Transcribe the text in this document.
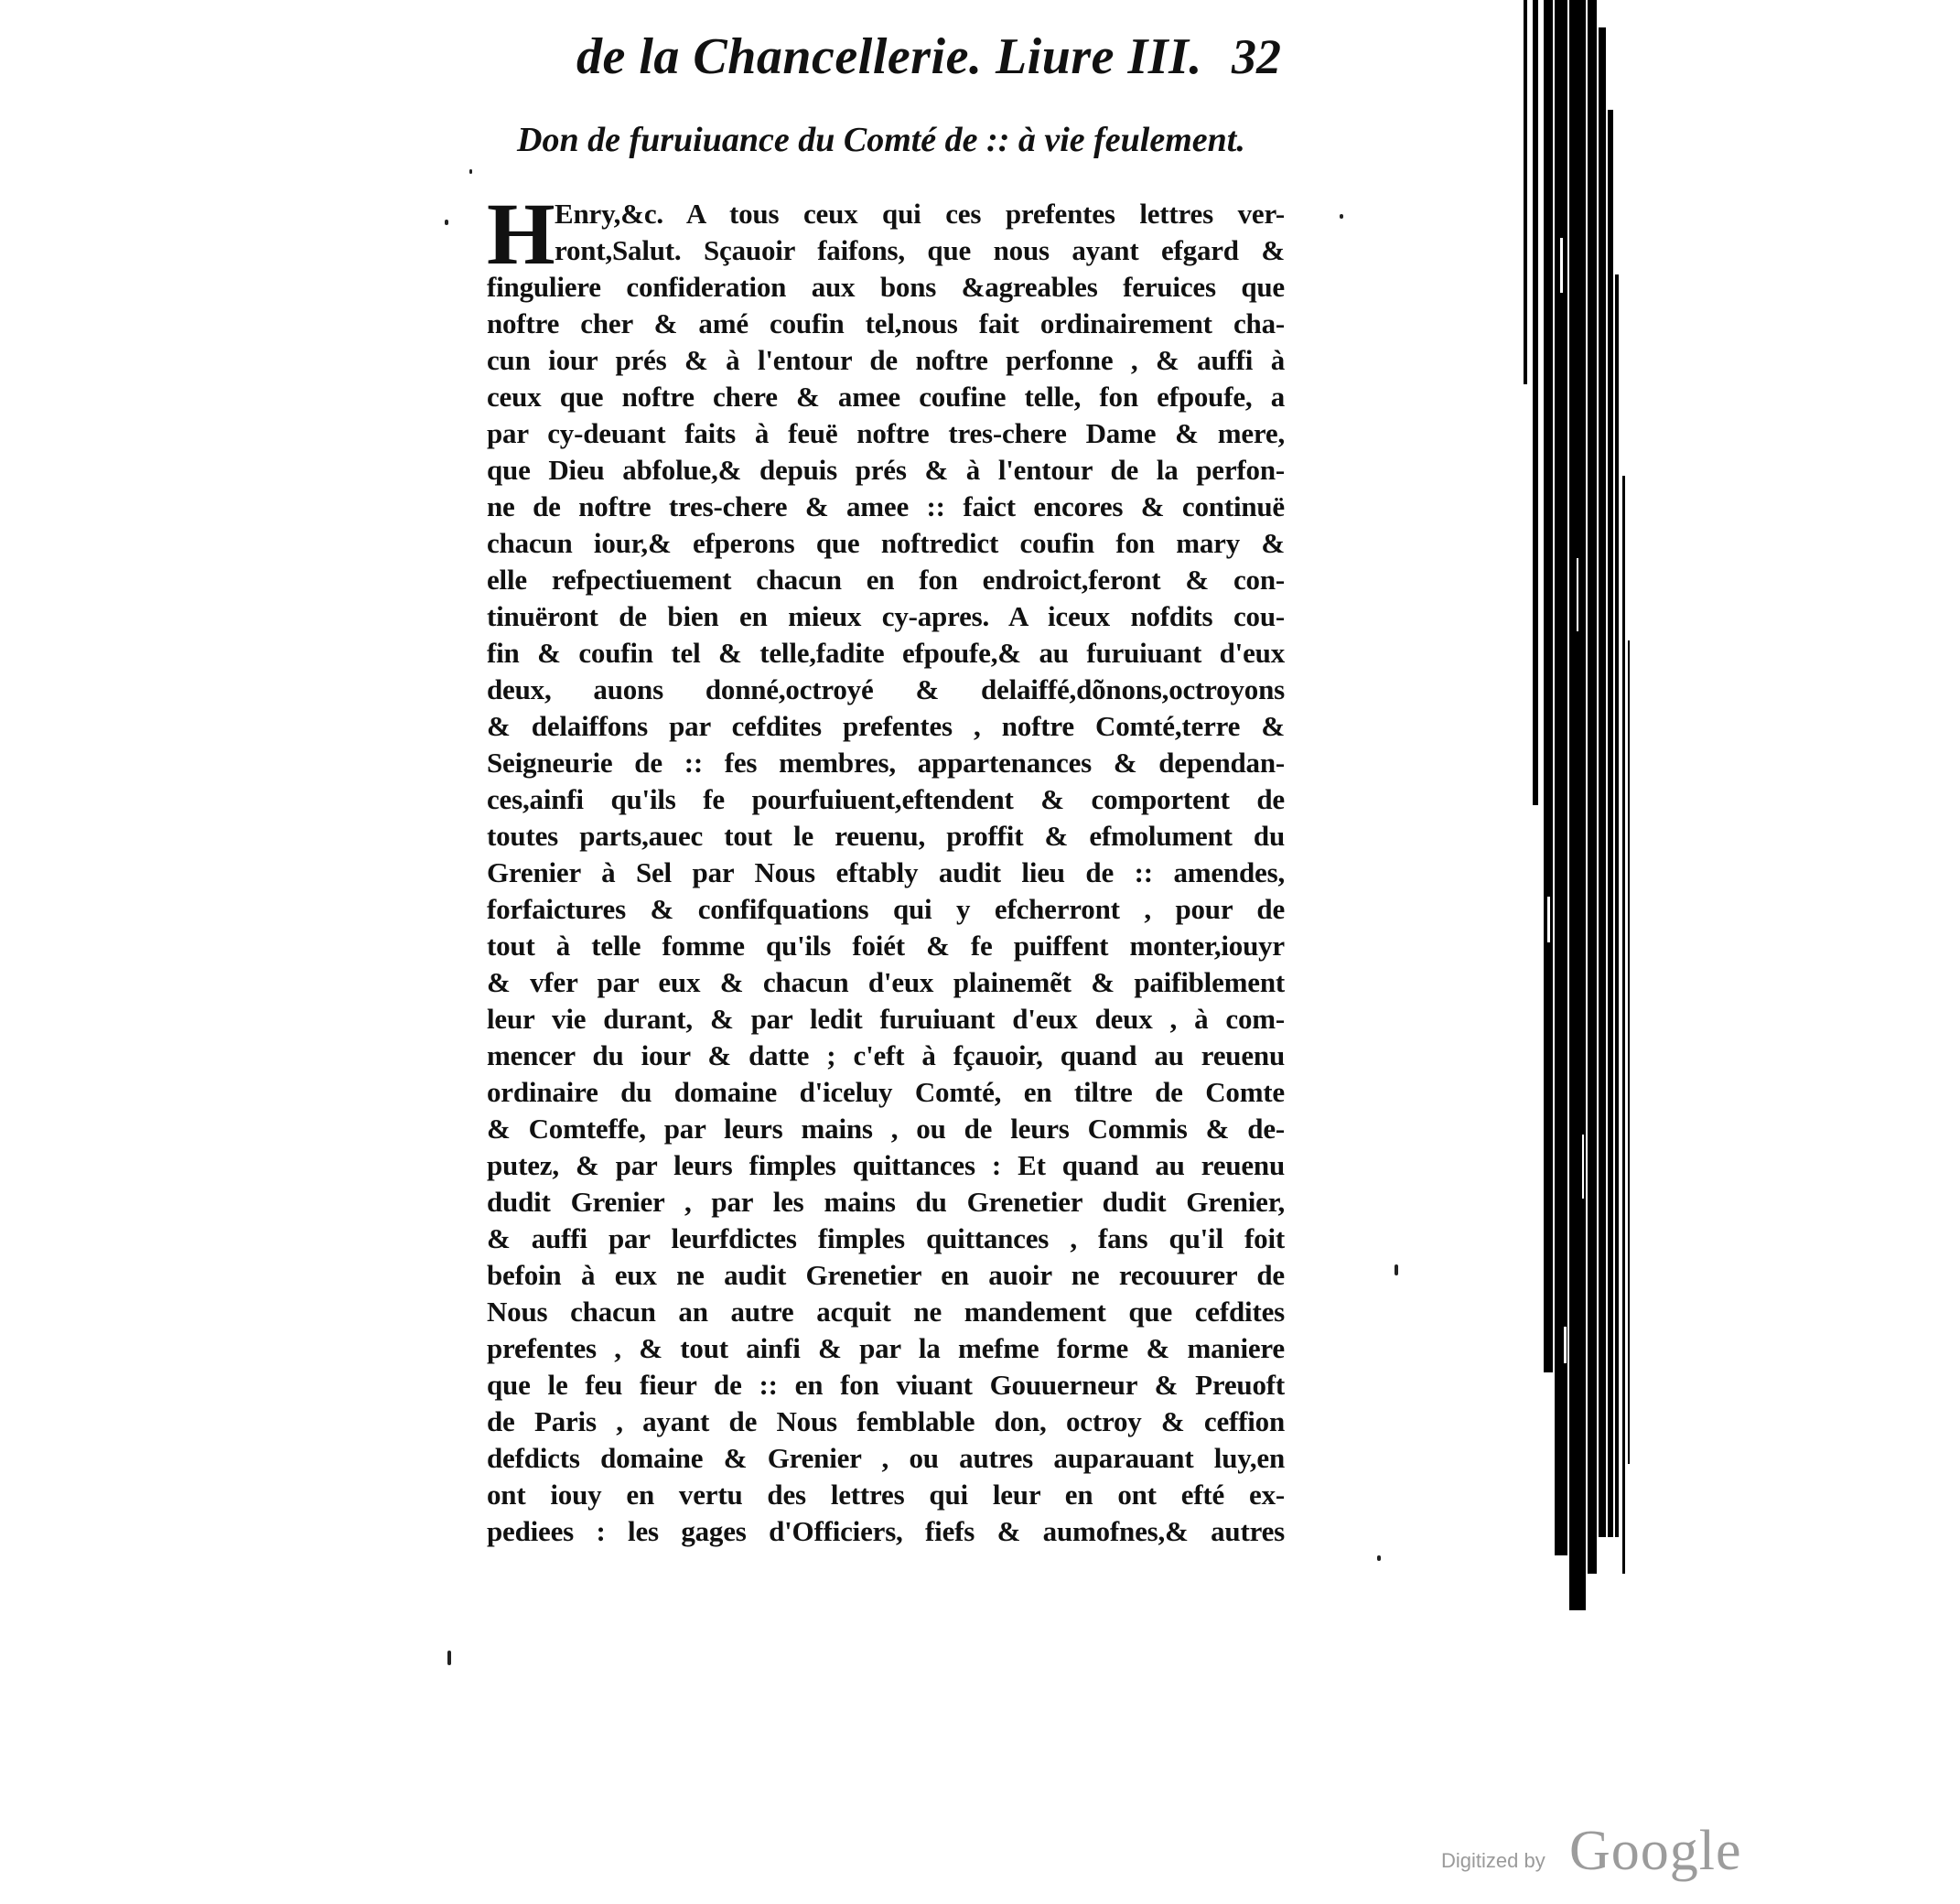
de la Chancellerie. Liure III. 32
Don de furuiuance du Comté de :: à vie feulement.
H Enry,&c. A tous ceux qui ces prefentes lettres ver-
ront,Salut. Sçauoir faifons, que nous ayant efgard &
finguliere confideration aux bons &agreables feruices que
noftre cher & amé coufin tel,nous fait ordinairement cha-
cun iour prés & à l'entour de noftre perfonne , & auffi à
ceux que noftre chere & amee coufine telle, fon efpoufe, a
par cy-deuant faits à feuë noftre tres-chere Dame & mere,
que Dieu abfolue,& depuis prés & à l'entour de la perfon-
ne de noftre tres-chere & amee :: faict encores & continuë
chacun iour,& efperons que noftredict coufin fon mary &
elle refpectiuement chacun en fon endroict,feront & con-
tinuëront de bien en mieux cy-apres. A iceux nofdits cou-
fin & coufin tel & telle,fadite efpoufe,& au furuiuant d'eux
deux, auons donné,octroyé & delaiffé,dõnons,octroyons
& delaiffons par cefdites prefentes , noftre Comté,terre &
Seigneurie de :: fes membres, appartenances & dependan-
ces,ainfi qu'ils fe pourfuiuent,eftendent & comportent de
toutes parts,auec tout le reuenu, proffit & efmolument du
Grenier à Sel par Nous eftably audit lieu de :: amendes,
forfaictures & confifquations qui y efcherront , pour de
tout à telle fomme qu'ils foiét & fe puiffent monter,iouyr
& vfer par eux & chacun d'eux plainemẽt & paifiblement
leur vie durant, & par ledit furuiuant d'eux deux , à com-
mencer du iour & datte ; c'eft à fçauoir, quand au reuenu
ordinaire du domaine d'iceluy Comté, en tiltre de Comte
& Comteffe, par leurs mains , ou de leurs Commis & de-
putez, & par leurs fimples quittances : Et quand au reuenu
dudit Grenier , par les mains du Grenetier dudit Grenier,
& auffi par leurfdictes fimples quittances , fans qu'il foit
befoin à eux ne audit Grenetier en auoir ne recouurer de
Nous chacun an autre acquit ne mandement que cefdites
prefentes , & tout ainfi & par la mefme forme & maniere
que le feu fieur de :: en fon viuant Gouuerneur & Preuoft
de Paris , ayant de Nous femblable don, octroy & ceffion
defdicts domaine & Grenier , ou autres auparauant luy,en
ont iouy en vertu des lettres qui leur en ont efté ex-
pediees : les gages d'Officiers, fiefs & aumofnes,& autres
Digitized by Google
